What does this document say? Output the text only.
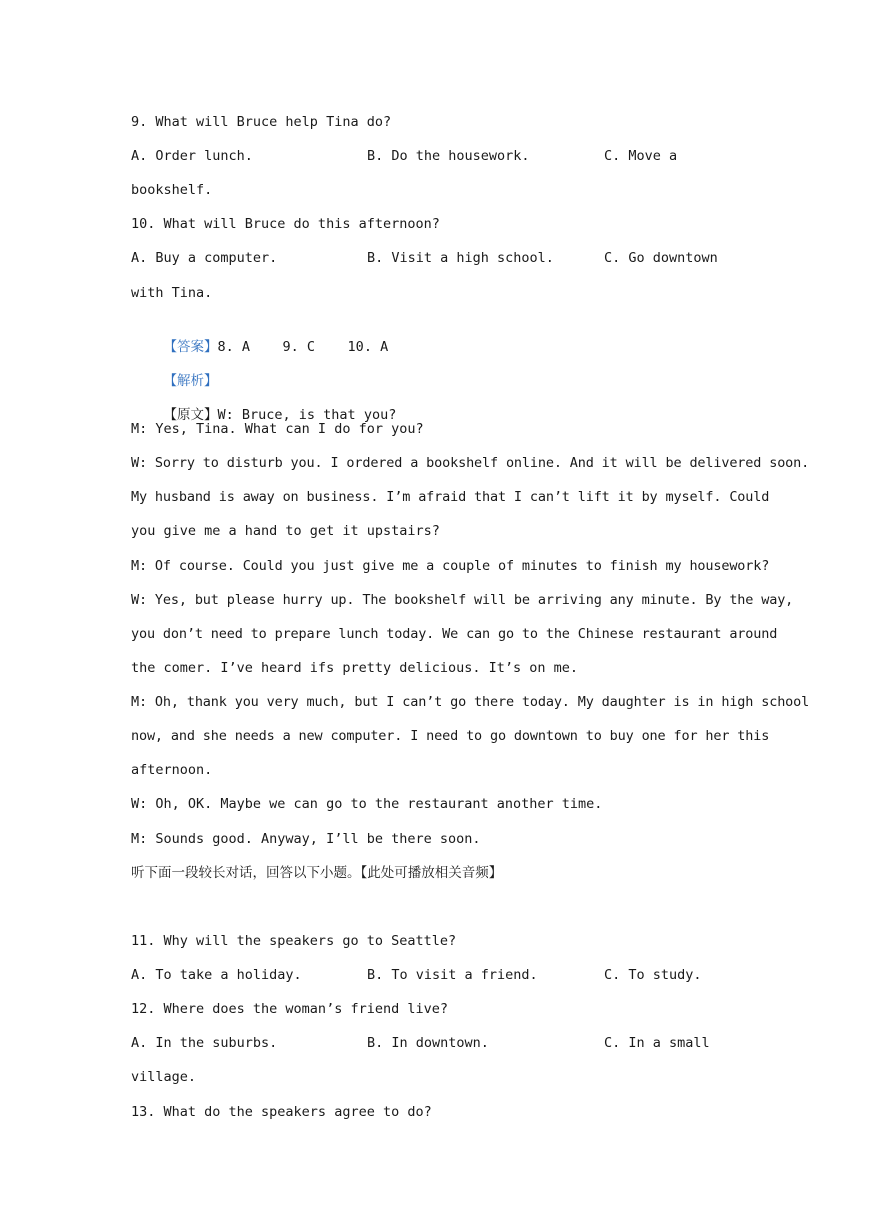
9. What will Bruce help Tina do?

A. Order lunch.

	B. Do the housework.

	C. Move a

bookshelf.
10. What will Bruce do this afternoon?

A. Buy a computer.

	B. Visit a high school.

	C. Go downtown

with Tina.

【答案】8. A    9. C    10. A

【解析】

【原文】W: Bruce, is that you?

M: Yes, Tina. What can I do for you?
W: Sorry to disturb you. I ordered a bookshelf online. And it will be delivered soon.
My husband is away on business. I’m afraid that I can’t lift it by myself. Could
you give me a hand to get it upstairs?
M: Of course. Could you just give me a couple of minutes to finish my housework?
W: Yes, but please hurry up. The bookshelf will be arriving any minute. By the way,
you don’t need to prepare lunch today. We can go to the Chinese restaurant around
the comer. I’ve heard ifs pretty delicious. It’s on me.
M: Oh, thank you very much, but I can’t go there today. My daughter is in high school
now, and she needs a new computer. I need to go downtown to buy one for her this
afternoon.
W: Oh, OK. Maybe we can go to the restaurant another time.
M: Sounds good. Anyway, I’ll be there soon.
听下面一段较长对话，回答以下小题。【此处可播放相关音频】
11. Why will the speakers go to Seattle?

A. To take a holiday.

	B. To visit a friend.

	C. To study.

12. Where does the woman’s friend live?

A. In the suburbs.

	B. In downtown.

	C. In a small

village.
13. What do the speakers agree to do?
